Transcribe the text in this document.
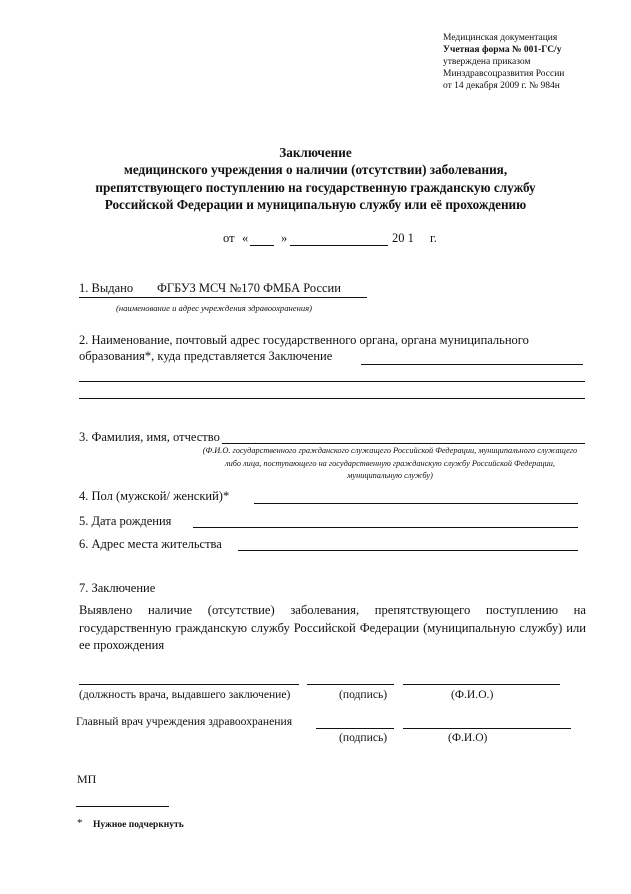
Медицинская документация
Учетная форма № 001-ГС/у
утверждена приказом
Минздравсоцразвития России
от 14 декабря 2009 г. № 984н
Заключение
медицинского учреждения о наличии (отсутствии) заболевания,
препятствующего поступлению на государственную гражданскую службу
Российской Федерации и муниципальную службу или её прохождению
от «	»	20 1 г.
1. Выдано ФГБУЗ МСЧ №170 ФМБА России
(наименование и адрес учреждения здравоохранения)
2. Наименование, почтовый адрес государственного органа, органа муниципального
образования*, куда представляется Заключение
3. Фамилия, имя, отчество
(Ф.И.О. государственного гражданского служащего Российской Федерации, муниципального служащего либо лица, поступающего на государственную гражданскую службу Российской Федерации, муниципальную службу)
4. Пол (мужской/ женский)*
5. Дата рождения
6. Адрес места жительства
7. Заключение
Выявлено наличие (отсутствие) заболевания, препятствующего поступлению на государственную гражданскую службу Российской Федерации (муниципальную службу) или ее прохождения
(должность врача, выдавшего заключение)	(подпись)	(Ф.И.О.)
Главный врач учреждения здравоохранения
(подпись)	(Ф.И.О)
МП
* Нужное подчеркнуть
